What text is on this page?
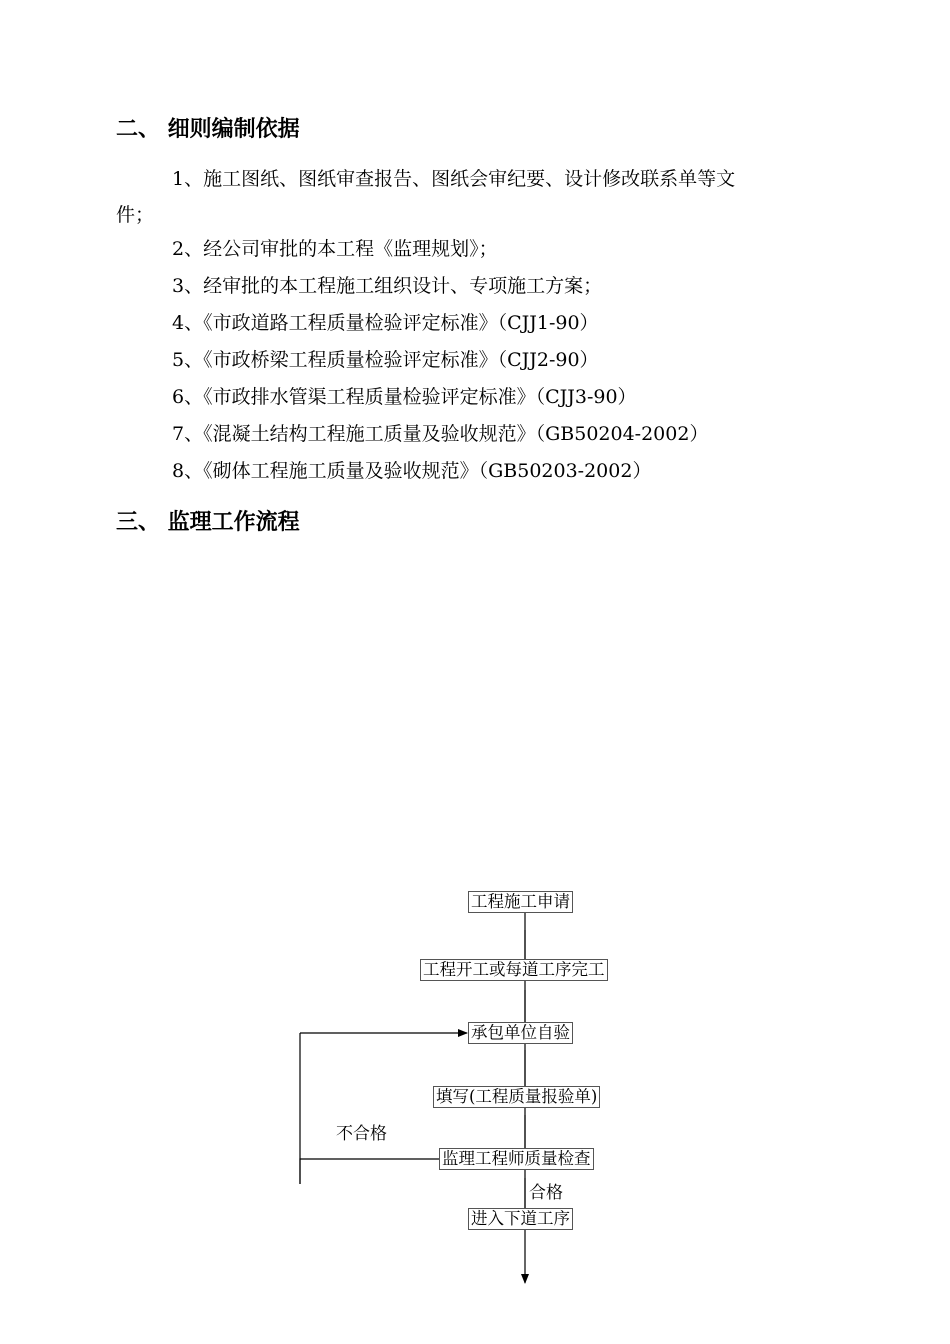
二、 细则编制依据
1、施工图纸、图纸审查报告、图纸会审纪要、设计修改联系单等文
件；
2、经公司审批的本工程《监理规划》；
3、经审批的本工程施工组织设计、专项施工方案；
4、《市政道路工程质量检验评定标准》（CJJ1-90）
5、《市政桥梁工程质量检验评定标准》（CJJ2-90）
6、《市政排水管渠工程质量检验评定标准》（CJJ3-90）
7、《混凝土结构工程施工质量及验收规范》（GB50204-2002）
8、《砌体工程施工质量及验收规范》（GB50203-2002）
三、 监理工作流程
工程施工申请
工程开工或每道工序完工
承包单位自验
填写(工程质量报验单)
监理工程师质量检查
进入下道工序
不合格
合格
